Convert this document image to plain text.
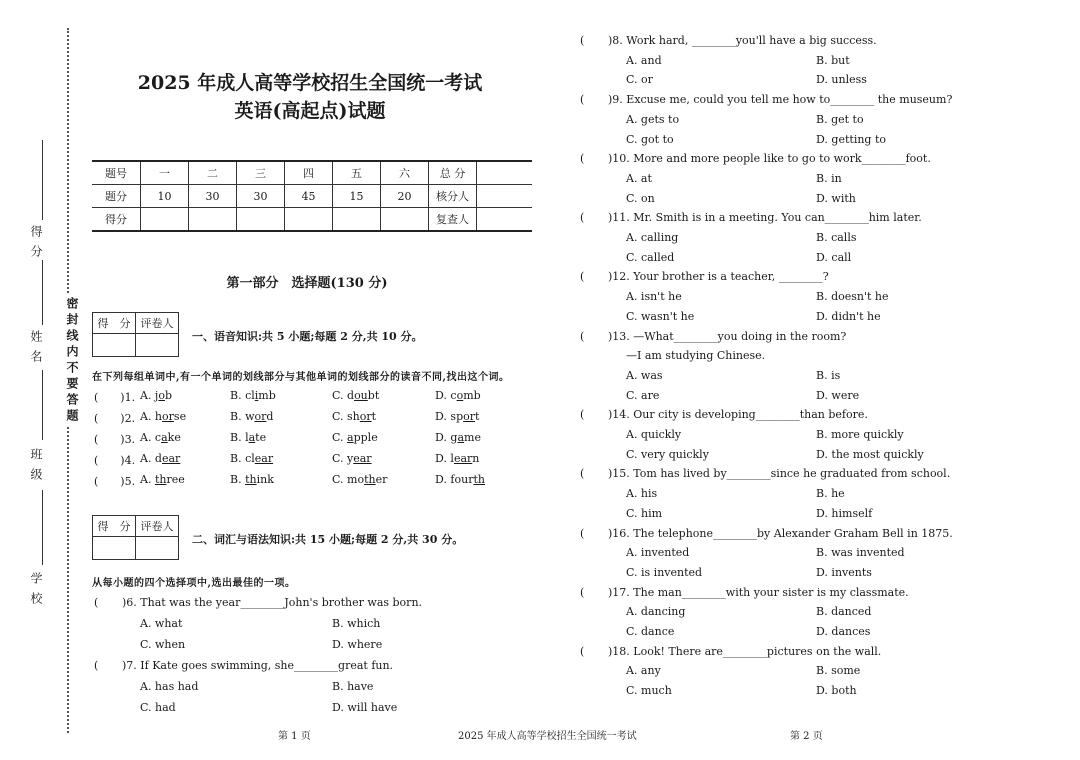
得 分
姓 名
班 级
学 校
密封线内不要答题
2025 年成人高等学校招生全国统一考试
英语(高起点)试题
题号	一	二	三	四	五	六	总 分	
题分	10	30	30	45	15	20	核分人	
得分							复查人	
第一部分　选择题(130 分)
得　分	评卷人

一、语音知识:共 5 小题;每题 2 分,共 10 分。
在下列每组单词中,有一个单词的划线部分与其他单词的划线部分的读音不同,找出这个词。
(　　)1. A. job	B. climb	C. doubt	D. comb
(　　)2. A. horse	B. word	C. short	D. sport
(　　)3. A. cake	B. late	C. apple	D. game
(　　)4. A. dear	B. clear	C. year	D. learn
(　　)5. A. three	B. think	C. mother	D. fourth
得　分	评卷人

二、词汇与语法知识:共 15 小题;每题 2 分,共 30 分。
从每小题的四个选择项中,选出最佳的一项。
( )6. That was the year________John's brother was born.
A. what	B. which
C. when	D. where
( )7. If Kate goes swimming, she________great fun.
A. has had	B. have
C. had	D. will have
( )8. Work hard, ________you'll have a big success.
A. and	B. but
C. or	D. unless
( )9. Excuse me, could you tell me how to________ the museum?
A. gets to	B. get to
C. got to	D. getting to
( )10. More and more people like to go to work________foot.
A. at	B. in
C. on	D. with
( )11. Mr. Smith is in a meeting. You can________him later.
A. calling	B. calls
C. called	D. call
( )12. Your brother is a teacher, ________?
A. isn't he	B. doesn't he
C. wasn't he	D. didn't he
( )13. —What________you doing in the room?
—I am studying Chinese.
A. was	B. is
C. are	D. were
( )14. Our city is developing________than before.
A. quickly	B. more quickly
C. very quickly	D. the most quickly
( )15. Tom has lived by________since he graduated from school.
A. his	B. he
C. him	D. himself
( )16. The telephone________by Alexander Graham Bell in 1875.
A. invented	B. was invented
C. is invented	D. invents
( )17. The man________with your sister is my classmate.
A. dancing	B. danced
C. dance	D. dances
( )18. Look! There are________pictures on the wall.
A. any	B. some
C. much	D. both
第 1 页	2025 年成人高等学校招生全国统一考试	第 2 页
